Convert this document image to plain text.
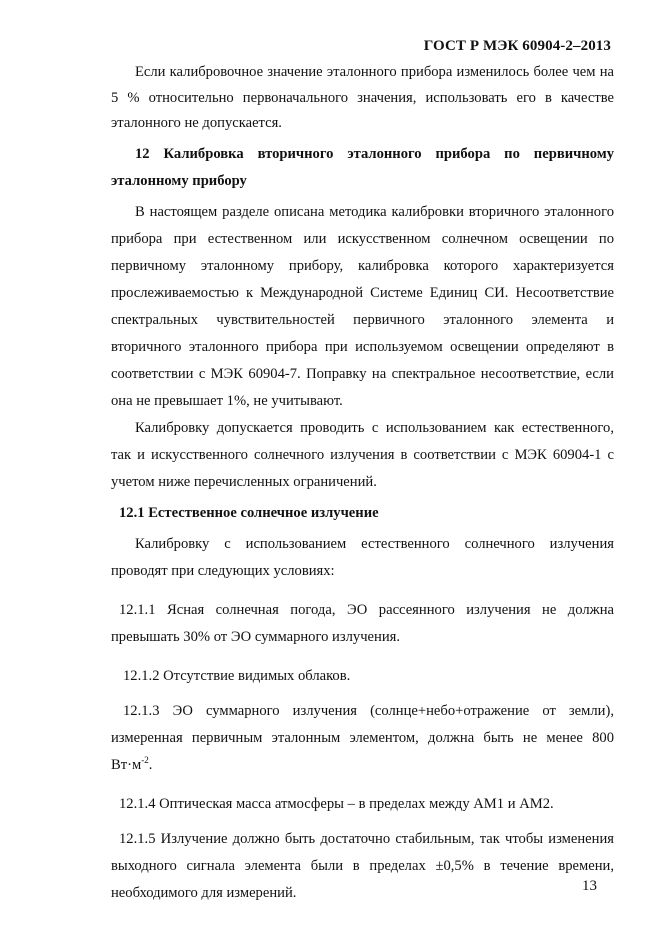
ГОСТ Р МЭК 60904-2–2013

Если калибровочное значение эталонного прибора изменилось более чем на 5 % относительно первоначального значения, использовать его в качестве эталонного не допускается.

12 Калибровка вторичного эталонного прибора по первичному эталонному прибору

В настоящем разделе описана методика калибровки вторичного эталонного прибора при естественном или искусственном солнечном освещении по первичному эталонному прибору, калибровка которого характеризуется прослеживаемостью к Международной Системе Единиц СИ. Несоответствие спектральных чувствительностей первичного эталонного элемента и вторичного эталонного прибора при используемом освещении определяют в соответствии с МЭК 60904-7. Поправку на спектральное несоответствие, если она не превышает 1%, не учитывают.

Калибровку допускается проводить с использованием как естественного, так и искусственного солнечного излучения в соответствии с МЭК 60904-1 с учетом ниже перечисленных ограничений.

12.1 Естественное солнечное излучение

Калибровку с использованием естественного солнечного излучения проводят при следующих условиях:

12.1.1 Ясная солнечная погода, ЭО рассеянного излучения не должна превышать 30% от ЭО суммарного излучения.

12.1.2 Отсутствие видимых облаков.

12.1.3 ЭО суммарного излучения (солнце+небо+отражение от земли), измеренная первичным эталонным элементом, должна быть не менее 800 $Вт\cdot м^{-2}$.

12.1.4 Оптическая масса атмосферы – в пределах между АМ1 и АМ2.

12.1.5 Излучение должно быть достаточно стабильным, так чтобы изменения выходного сигнала элемента были в пределах ±0,5% в течение времени, необходимого для измерений.	13
